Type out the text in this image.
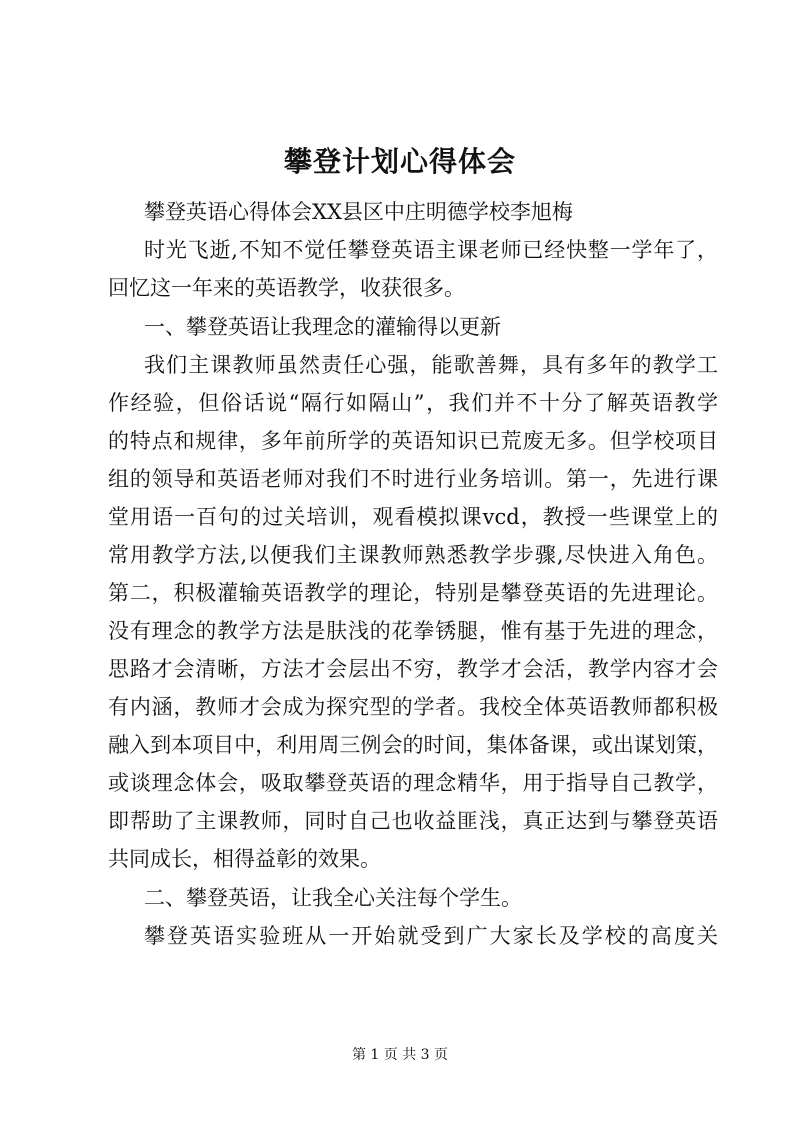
攀登计划心得体会
攀登英语心得体会XX县区中庄明德学校李旭梅
时光飞逝,不知不觉任攀登英语主课老师已经快整一学年了，
回忆这一年来的英语教学，收获很多。
一、攀登英语让我理念的灌输得以更新
我们主课教师虽然责任心强，能歌善舞，具有多年的教学工
作经验，但俗话说“隔行如隔山”，我们并不十分了解英语教学
的特点和规律，多年前所学的英语知识已荒废无多。但学校项目
组的领导和英语老师对我们不时进行业务培训。第一，先进行课
堂用语一百句的过关培训，观看模拟课vcd，教授一些课堂上的
常用教学方法,以便我们主课教师熟悉教学步骤,尽快进入角色。
第二，积极灌输英语教学的理论，特别是攀登英语的先进理论。
没有理念的教学方法是肤浅的花拳锈腿，惟有基于先进的理念，
思路才会清晰，方法才会层出不穷，教学才会活，教学内容才会
有内涵，教师才会成为探究型的学者。我校全体英语教师都积极
融入到本项目中，利用周三例会的时间，集体备课，或出谋划策，
或谈理念体会，吸取攀登英语的理念精华，用于指导自己教学，
即帮助了主课教师，同时自己也收益匪浅，真正达到与攀登英语
共同成长，相得益彰的效果。
二、攀登英语，让我全心关注每个学生。
攀登英语实验班从一开始就受到广大家长及学校的高度关
第 1 页 共 3 页
